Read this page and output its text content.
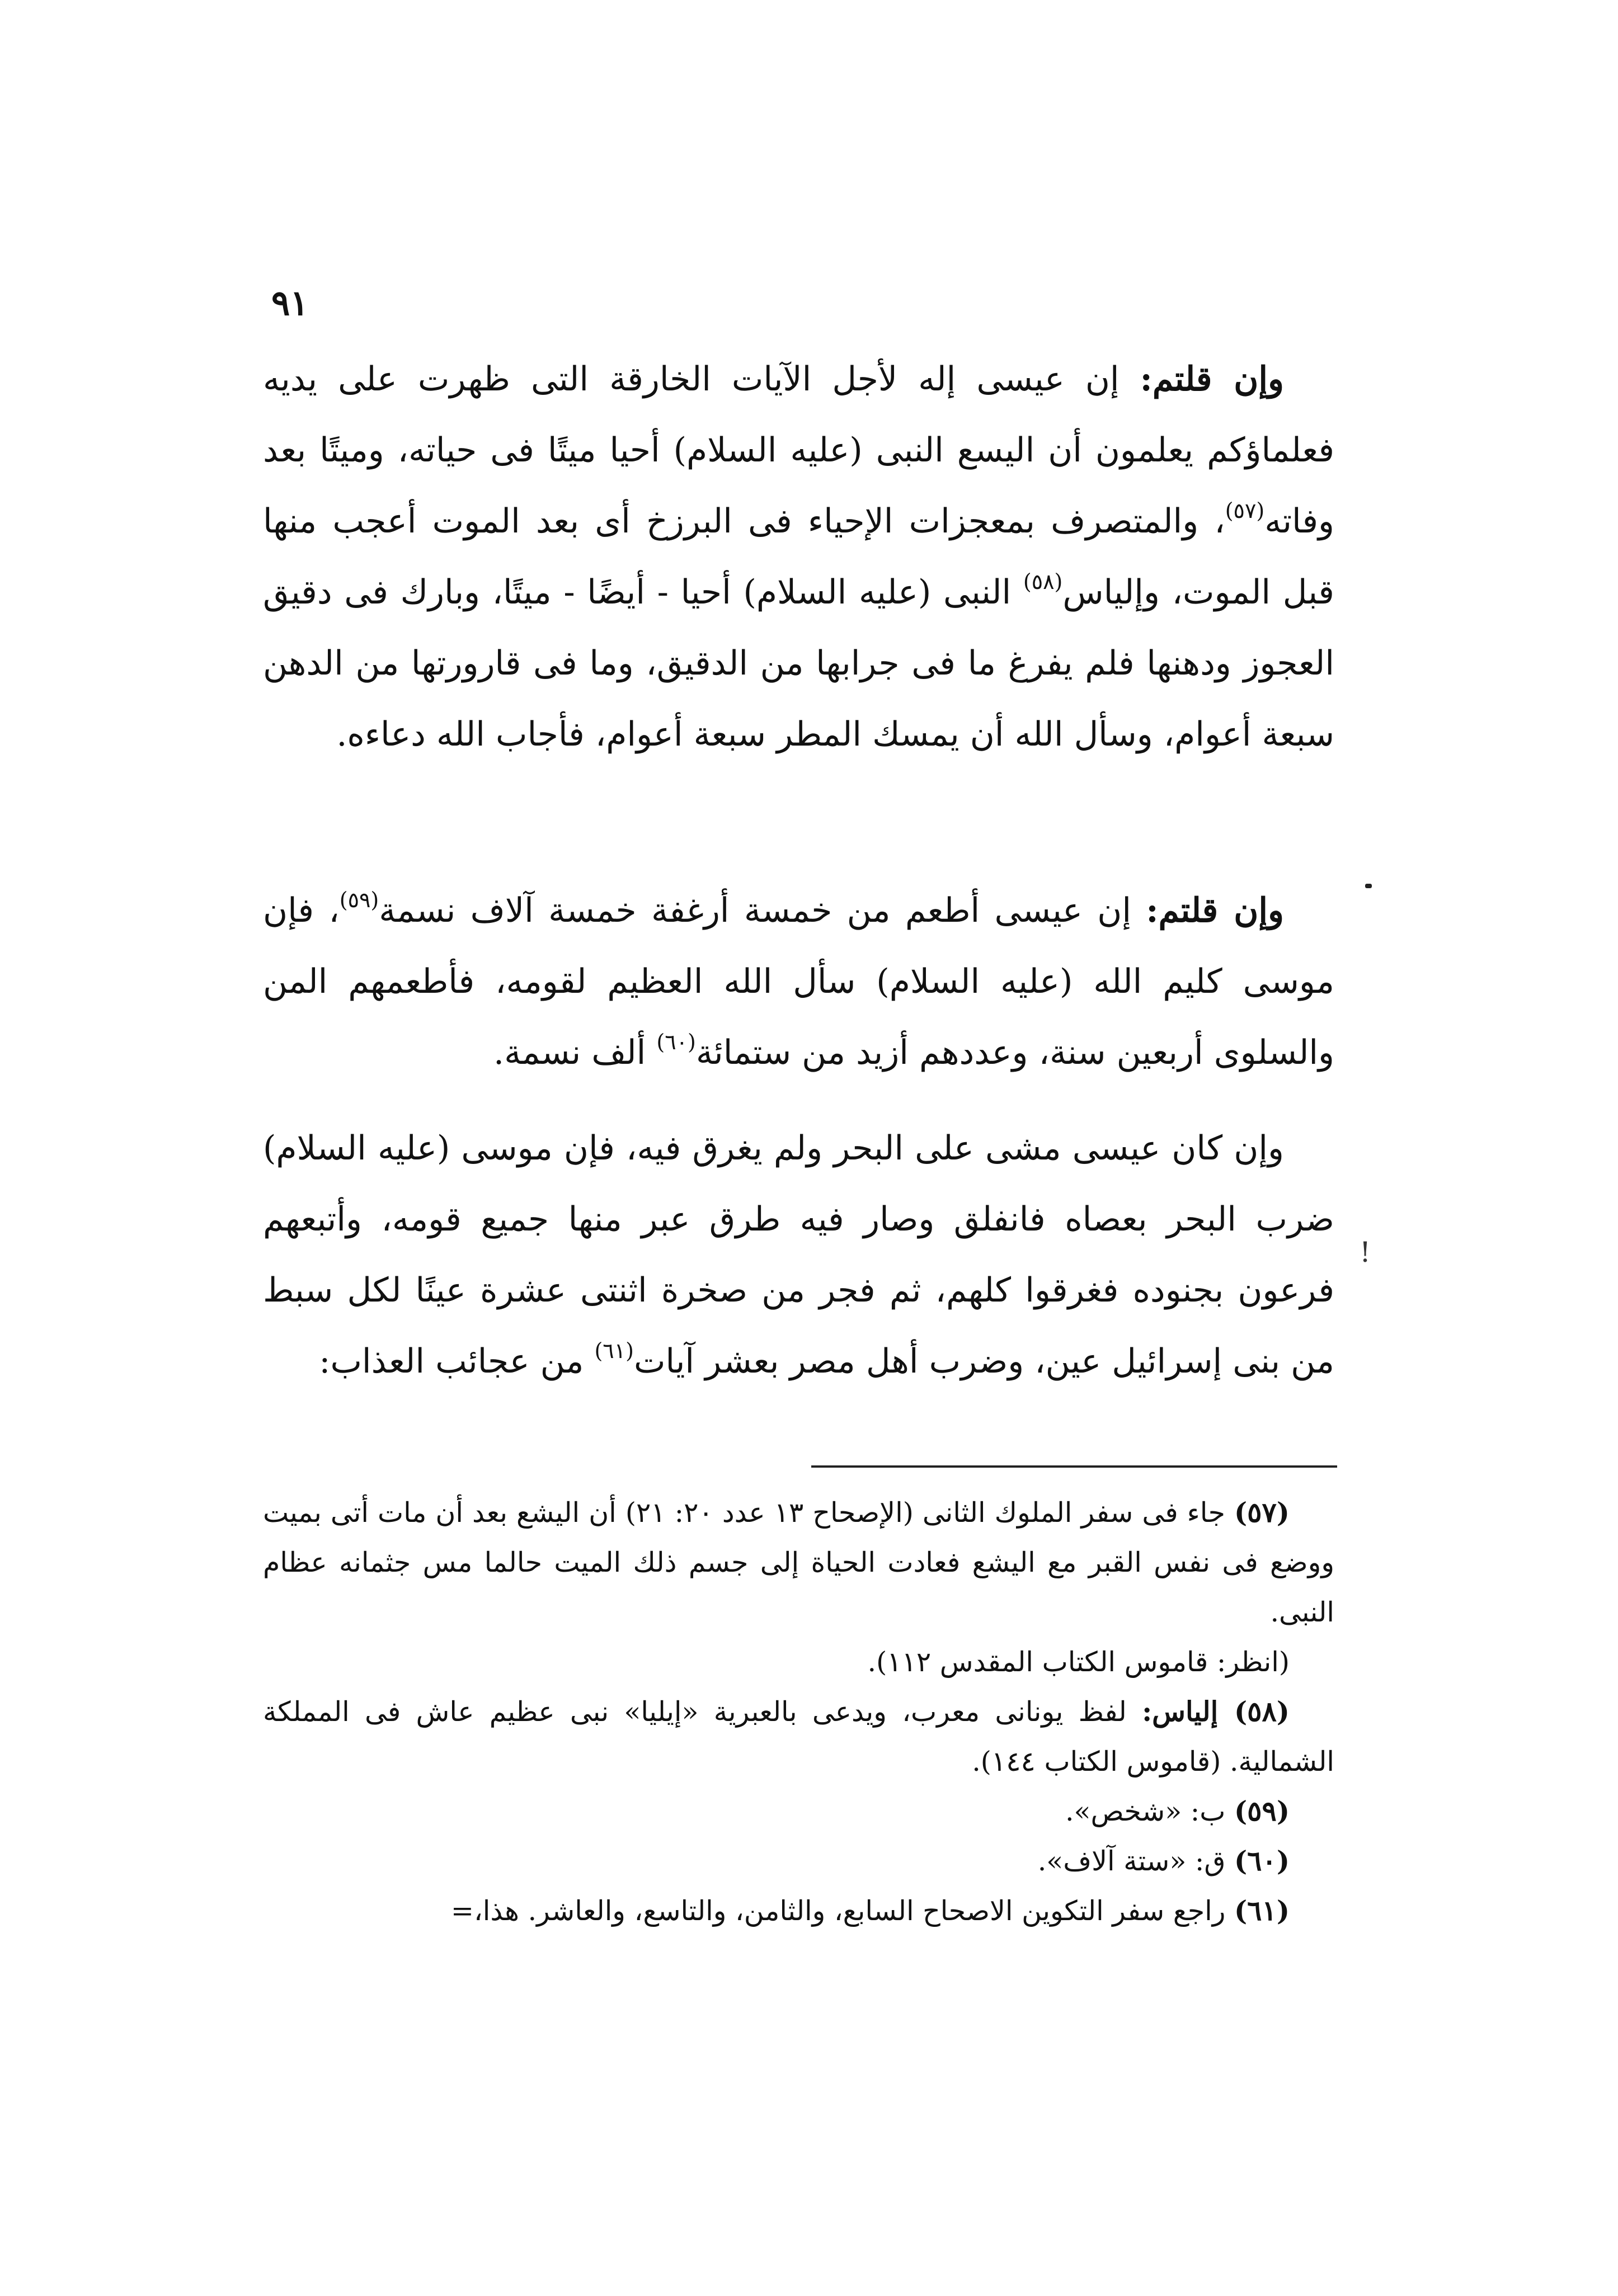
٩١

وإن قلتم: إن عيسى إله لأجل الآيات الخارقة التى ظهرت على يديه فعلماؤكم يعلمون أن اليسع النبى (عليه السلام) أحيا ميتًا فى حياته، وميتًا بعد وفاته$^{(٥٧)}$، والمتصرف بمعجزات الإحياء فى البرزخ أى بعد الموت أعجب منها قبل الموت، وإلياس$^{(٥٨)}$ النبى (عليه السلام) أحيا - أيضًا - ميتًا، وبارك فى دقيق العجوز ودهنها فلم يفرغ ما فى جرابها من الدقيق، وما فى قارورتها من الدهن سبعة أعوام، وسأل الله أن يمسك المطر سبعة أعوام، فأجاب الله دعاءه.

وإن قلتم: إن عيسى أطعم من خمسة أرغفة خمسة آلاف نسمة$^{(٥٩)}$، فإن موسى كليم الله (عليه السلام) سأل الله العظيم لقومه، فأطعمهم المن والسلوى أربعين سنة، وعددهم أزيد من ستمائة$^{(٦٠)}$ ألف نسمة.

وإن كان عيسى مشى على البحر ولم يغرق فيه، فإن موسى (عليه السلام) ضرب البحر بعصاه فانفلق وصار فيه طرق عبر منها جميع قومه، وأتبعهم فرعون بجنوده فغرقوا كلهم، ثم فجر من صخرة اثنتى عشرة عينًا لكل سبط من بنى إسرائيل عين، وضرب أهل مصر بعشر آيات$^{(٦١)}$ من عجائب العذاب:

!

(٥٧) جاء فى سفر الملوك الثانى (الإصحاح ١٣ عدد ٢٠: ٢١) أن اليشع بعد أن مات أتى بميت ووضع فى نفس القبر مع اليشع فعادت الحياة إلى جسم ذلك الميت حالما مس جثمانه عظام النبى.

(انظر: قاموس الكتاب المقدس ١١٢).

(٥٨) إلياس: لفظ يونانى معرب، ويدعى بالعبرية «إيليا» نبى عظيم عاش فى المملكة الشمالية. (قاموس الكتاب ١٤٤).

(٥٩) ب: «شخص».

(٦٠) ق: «ستة آلاف».

(٦١) راجع سفر التكوين الاصحاح السابع، والثامن، والتاسع، والعاشر. هذا،=
